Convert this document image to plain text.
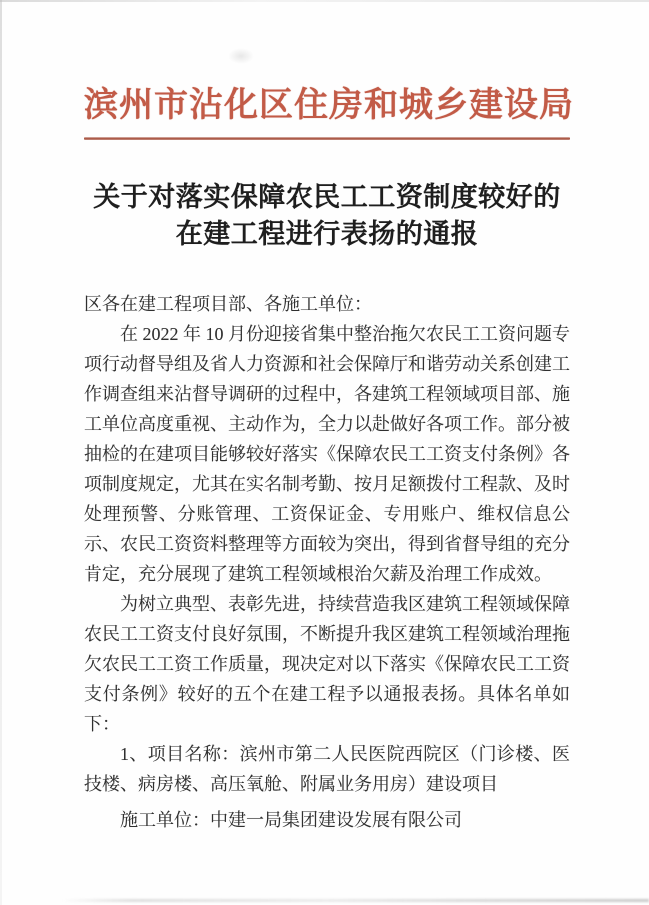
滨州市沾化区住房和城乡建设局
关于对落实保障农民工工资制度较好的在建工程进行表扬的通报

区各在建工程项目部、各施工单位：

在 2022 年 10 月份迎接省集中整治拖欠农民工工资问题专项行动督导组及省人力资源和社会保障厅和谐劳动关系创建工作调查组来沾督导调研的过程中，各建筑工程领域项目部、施工单位高度重视、主动作为，全力以赴做好各项工作。部分被抽检的在建项目能够较好落实《保障农民工工资支付条例》各项制度规定，尤其在实名制考勤、按月足额拨付工程款、及时处理预警、分账管理、工资保证金、专用账户、维权信息公示、农民工资资料整理等方面较为突出，得到省督导组的充分肯定，充分展现了建筑工程领域根治欠薪及治理工作成效。

为树立典型、表彰先进，持续营造我区建筑工程领域保障农民工工资支付良好氛围，不断提升我区建筑工程领域治理拖欠农民工工资工作质量，现决定对以下落实《保障农民工工资支付条例》较好的五个在建工程予以通报表扬。具体名单如下：

1、项目名称：滨州市第二人民医院西院区（门诊楼、医技楼、病房楼、高压氧舱、附属业务用房）建设项目

施工单位：中建一局集团建设发展有限公司
